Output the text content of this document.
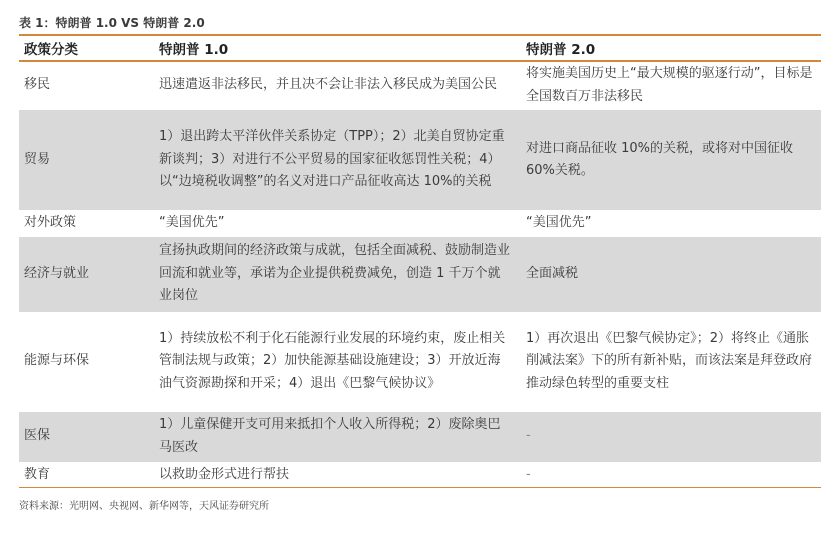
表 1：特朗普 1.0 VS 特朗普 2.0
政策分类	特朗普 1.0	特朗普 2.0
移民	迅速遣返非法移民，并且决不会让非法入移民成为美国公民	将实施美国历史上“最大规模的驱逐行动”，目标是全国数百万非法移民
贸易	1）退出跨太平洋伙伴关系协定（TPP）；2）北美自贸协定重新谈判；3）对进行不公平贸易的国家征收惩罚性关税；4）以“边境税收调整”的名义对进口产品征收高达 10%的关税	对进口商品征收 10%的关税，或将对中国征收60%关税。
对外政策	“美国优先”	“美国优先”
经济与就业	宣扬执政期间的经济政策与成就，包括全面减税、鼓励制造业回流和就业等，承诺为企业提供税费减免，创造 1 千万个就业岗位	全面减税
能源与环保	1）持续放松不利于化石能源行业发展的环境约束，废止相关管制法规与政策；2）加快能源基础设施建设；3）开放近海油气资源勘探和开采；4）退出《巴黎气候协议》	1）再次退出《巴黎气候协定》；2）将终止《通胀削减法案》下的所有新补贴，而该法案是拜登政府推动绿色转型的重要支柱
医保	1）儿童保健开支可用来抵扣个人收入所得税；2）废除奥巴马医改	-
教育	以救助金形式进行帮扶	-
资料来源：光明网、央视网、新华网等，天风证券研究所
